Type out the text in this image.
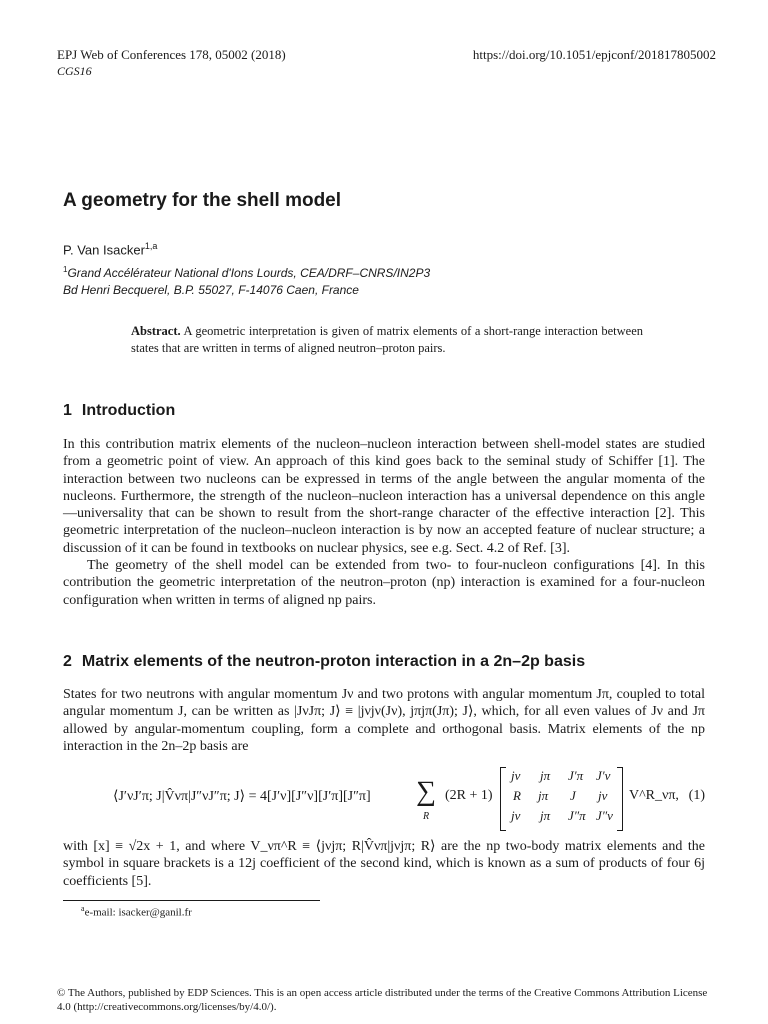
EPJ Web of Conferences 178, 05002 (2018)
CGS16
https://doi.org/10.1051/epjconf/201817805002
A geometry for the shell model
P. Van Isacker$^{1,a}$
$^1$Grand Accélérateur National d'Ions Lourds, CEA/DRF–CNRS/IN2P3
Bd Henri Becquerel, B.P. 55027, F-14076 Caen, France
Abstract. A geometric interpretation is given of matrix elements of a short-range interaction between states that are written in terms of aligned neutron–proton pairs.
1 Introduction

In this contribution matrix elements of the nucleon–nucleon interaction between shell-model states are studied from a geometric point of view. An approach of this kind goes back to the seminal study of Schiffer [1]. The interaction between two nucleons can be expressed in terms of the angle between the angular momenta of the nucleons. Furthermore, the strength of the nucleon–nucleon interaction has a universal dependence on this angle—universality that can be shown to result from the short-range character of the effective interaction [2]. This geometric interpretation of the nucleon–nucleon interaction is by now an accepted feature of nuclear structure; a discussion of it can be found in textbooks on nuclear physics, see e.g. Sect. 4.2 of Ref. [3].

The geometry of the shell model can be extended from two- to four-nucleon configurations [4]. In this contribution the geometric interpretation of the neutron–proton (np) interaction is examined for a four-nucleon configuration when written in terms of aligned np pairs.

2 Matrix elements of the neutron-proton interaction in a 2n–2p basis

States for two neutrons with angular momentum Jν and two protons with angular momentum Jπ, coupled to total angular momentum J, can be written as |JνJπ; J⟩ ≡ |jνjν(Jν), jπjπ(Jπ); J⟩, which, for all even values of Jν and Jπ allowed by angular-momentum coupling, form a complete and orthogonal basis. Matrix elements of the np interaction in the 2n–2p basis are

⟨J′νJ′π; J|V̂νπ|J″νJ″π; J⟩ = 4[J′ν][J″ν][J′π][J″π] ∑
R
(2R + 1)
jν jπ J′π J′ν
R jπ J jν
jν jπ J″π J″ν
V^R_νπ, (1)

with [x] ≡ √2x + 1, and where V_νπ^R ≡ ⟨jνjπ; R|V̂νπ|jνjπ; R⟩ are the np two-body matrix elements and the symbol in square brackets is a 12j coefficient of the second kind, which is known as a sum of products of four 6j coefficients [5].

$^a$e-mail: isacker@ganil.fr
© The Authors, published by EDP Sciences. This is an open access article distributed under the terms of the Creative Commons Attribution License 4.0 (http://creativecommons.org/licenses/by/4.0/).
